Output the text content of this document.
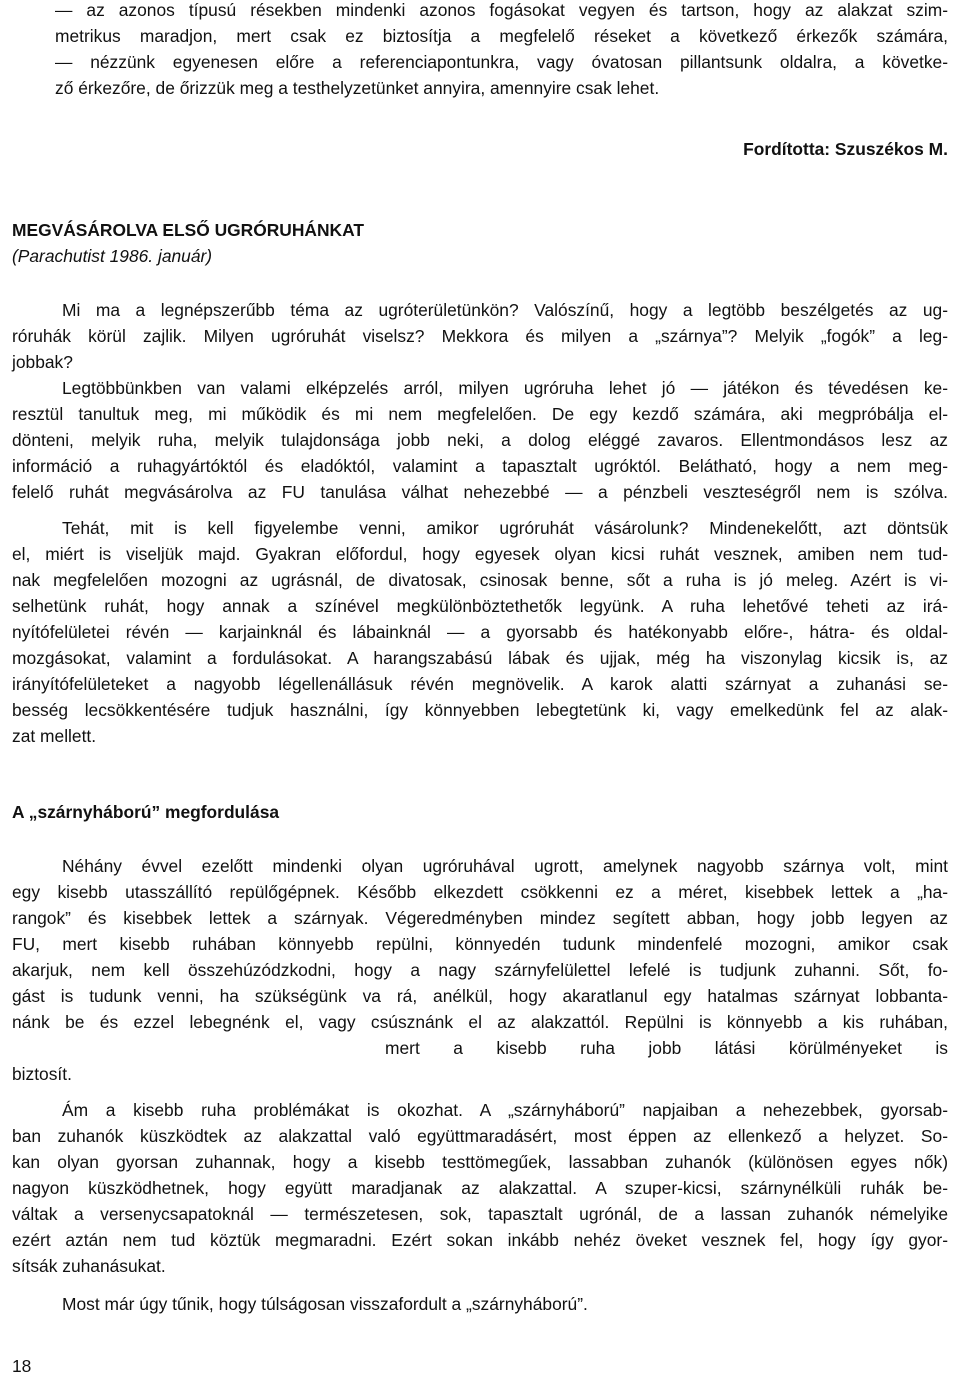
— az azonos típusú résekben mindenki azonos fogásokat vegyen és tartson, hogy az alakzat szim-
metrikus maradjon, mert csak ez biztosítja a megfelelő réseket a következő érkezők számára,
— nézzünk egyenesen előre a referenciapontunkra, vagy óvatosan pillantsunk oldalra, a követke-
ző érkezőre, de őrizzük meg a testhelyzetünket annyira, amennyire csak lehet.
Mi ma a legnépszerűbb téma az ugróterületünkön? Valószínű, hogy a legtöbb beszélgetés az ug-
róruhák körül zajlik. Milyen ugróruhát viselsz? Mekkora és milyen a „szárnya”? Melyik „fogók” a leg-
jobbak?
Legtöbbünkben van valami elképzelés arról, milyen ugróruha lehet jó — játékon és tévedésen ke-
resztül tanultuk meg, mi működik és mi nem megfelelően. De egy kezdő számára, aki megpróbálja el-
dönteni, melyik ruha, melyik tulajdonsága jobb neki, a dolog eléggé zavaros. Ellentmondásos lesz az
információ a ruhagyártóktól és eladóktól, valamint a tapasztalt ugróktól. Belátható, hogy a nem meg-
felelő ruhát megvásárolva az FU tanulása válhat nehezebbé — a pénzbeli veszteségről nem is szólva.
Tehát, mit is kell figyelembe venni, amikor ugróruhát vásárolunk? Mindenekelőtt, azt döntsük
el, miért is viseljük majd. Gyakran előfordul, hogy egyesek olyan kicsi ruhát vesznek, amiben nem tud-
nak megfelelően mozogni az ugrásnál, de divatosak, csinosak benne, sőt a ruha is jó meleg. Azért is vi-
selhetünk ruhát, hogy annak a színével megkülönböztethetők legyünk. A ruha lehetővé teheti az irá-
nyítófelületei révén — karjainknál és lábainknál — a gyorsabb és hatékonyabb előre-, hátra- és oldal-
mozgásokat, valamint a fordulásokat. A harangszabású lábak és ujjak, még ha viszonylag kicsik is, az
irányítófelületeket a nagyobb légellenállásuk révén megnövelik. A karok alatti szárnyat a zuhanási se-
besség lecsökkentésére tudjuk használni, így könnyebben lebegtetünk ki, vagy emelkedünk fel az alak-
zat mellett.
Néhány évvel ezelőtt mindenki olyan ugróruhával ugrott, amelynek nagyobb szárnya volt, mint
egy kisebb utasszállító repülőgépnek. Később elkezdett csökkenni ez a méret, kisebbek lettek a „ha-
rangok” és kisebbek lettek a szárnyak. Végeredményben mindez segített abban, hogy jobb legyen az
FU, mert kisebb ruhában könnyebb repülni, könnyedén tudunk mindenfelé mozogni, amikor csak
akarjuk, nem kell összehúzódzkodni, hogy a nagy szárnyfelülettel lefelé is tudjunk zuhanni. Sőt, fo-
gást is tudunk venni, ha szükségünk va rá, anélkül, hogy akaratlanul egy hatalmas szárnyat lobbanta-
nánk be és ezzel lebegnénk el, vagy csúsznánk el az alakzattól. Repülni is könnyebb a kis ruhában,
mert a kisebb ruha jobb látási körülményeket is
biztosít.
Ám a kisebb ruha problémákat is okozhat. A „szárnyháború” napjaiban a nehezebbek, gyorsab-
ban zuhanók küszködtek az alakzattal való együttmaradásért, most éppen az ellenkező a helyzet. So-
kan olyan gyorsan zuhannak, hogy a kisebb testtömegűek, lassabban zuhanók (különösen egyes nők)
nagyon küszködhetnek, hogy együtt maradjanak az alakzattal. A szuper-kicsi, szárnynélküli ruhák be-
váltak a versenycsapatoknál — természetesen, sok, tapasztalt ugrónál, de a lassan zuhanók némelyike
ezért aztán nem tud köztük megmaradni. Ezért sokan inkább nehéz öveket vesznek fel, hogy így gyor-
sítsák zuhanásukat.
Most már úgy tűnik, hogy túlságosan visszafordult a „szárnyháború”.
Fordította: Szuszékos M.
MEGVÁSÁROLVA ELSŐ UGRÓRUHÁNKAT
(Parachutist 1986. január)
A „szárnyháború” megfordulása
18
